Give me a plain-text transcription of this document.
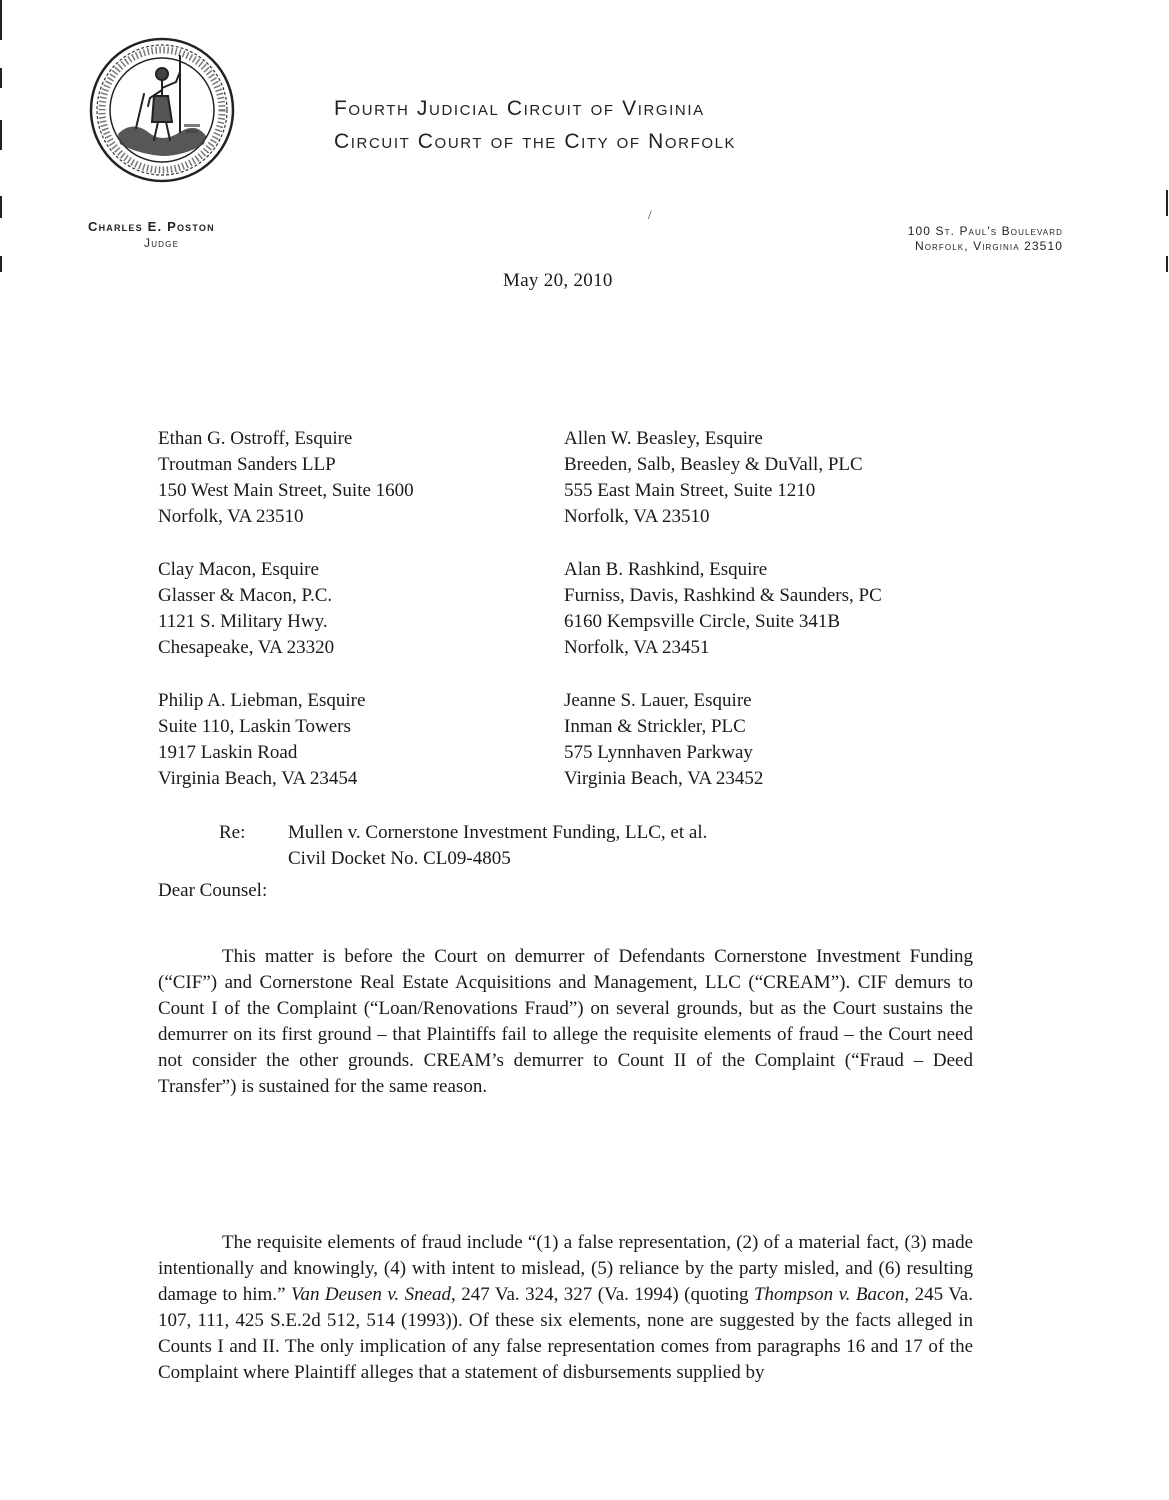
Fourth Judicial Circuit of Virginia
Circuit Court of the City of Norfolk
Charles E. Poston
Judge
/
100 St. Paul's Boulevard
Norfolk, Virginia 23510
May 20, 2010
Ethan G. Ostroff, Esquire
Troutman Sanders LLP
150 West Main Street, Suite 1600
Norfolk, VA 23510
Allen W. Beasley, Esquire
Breeden, Salb, Beasley & DuVall, PLC
555 East Main Street, Suite 1210
Norfolk, VA 23510
Clay Macon, Esquire
Glasser & Macon, P.C.
1121 S. Military Hwy.
Chesapeake, VA 23320
Alan B. Rashkind, Esquire
Furniss, Davis, Rashkind & Saunders, PC
6160 Kempsville Circle, Suite 341B
Norfolk, VA 23451
Philip A. Liebman, Esquire
Suite 110, Laskin Towers
1917 Laskin Road
Virginia Beach, VA 23454
Jeanne S. Lauer, Esquire
Inman & Strickler, PLC
575 Lynnhaven Parkway
Virginia Beach, VA 23452
Re: Mullen v. Cornerstone Investment Funding, LLC, et al.
Civil Docket No. CL09-4805
Dear Counsel:

This matter is before the Court on demurrer of Defendants Cornerstone Investment Funding (“CIF”) and Cornerstone Real Estate Acquisitions and Management, LLC (“CREAM”). CIF demurs to Count I of the Complaint (“Loan/Renovations Fraud”) on several grounds, but as the Court sustains the demurrer on its first ground – that Plaintiffs fail to allege the requisite elements of fraud – the Court need not consider the other grounds. CREAM’s demurrer to Count II of the Complaint (“Fraud – Deed Transfer”) is sustained for the same reason.

The requisite elements of fraud include “(1) a false representation, (2) of a material fact, (3) made intentionally and knowingly, (4) with intent to mislead, (5) reliance by the party misled, and (6) resulting damage to him.” Van Deusen v. Snead, 247 Va. 324, 327 (Va. 1994) (quoting Thompson v. Bacon, 245 Va. 107, 111, 425 S.E.2d 512, 514 (1993)). Of these six elements, none are suggested by the facts alleged in Counts I and II. The only implication of any false representation comes from paragraphs 16 and 17 of the Complaint where Plaintiff alleges that a statement of disbursements supplied by
